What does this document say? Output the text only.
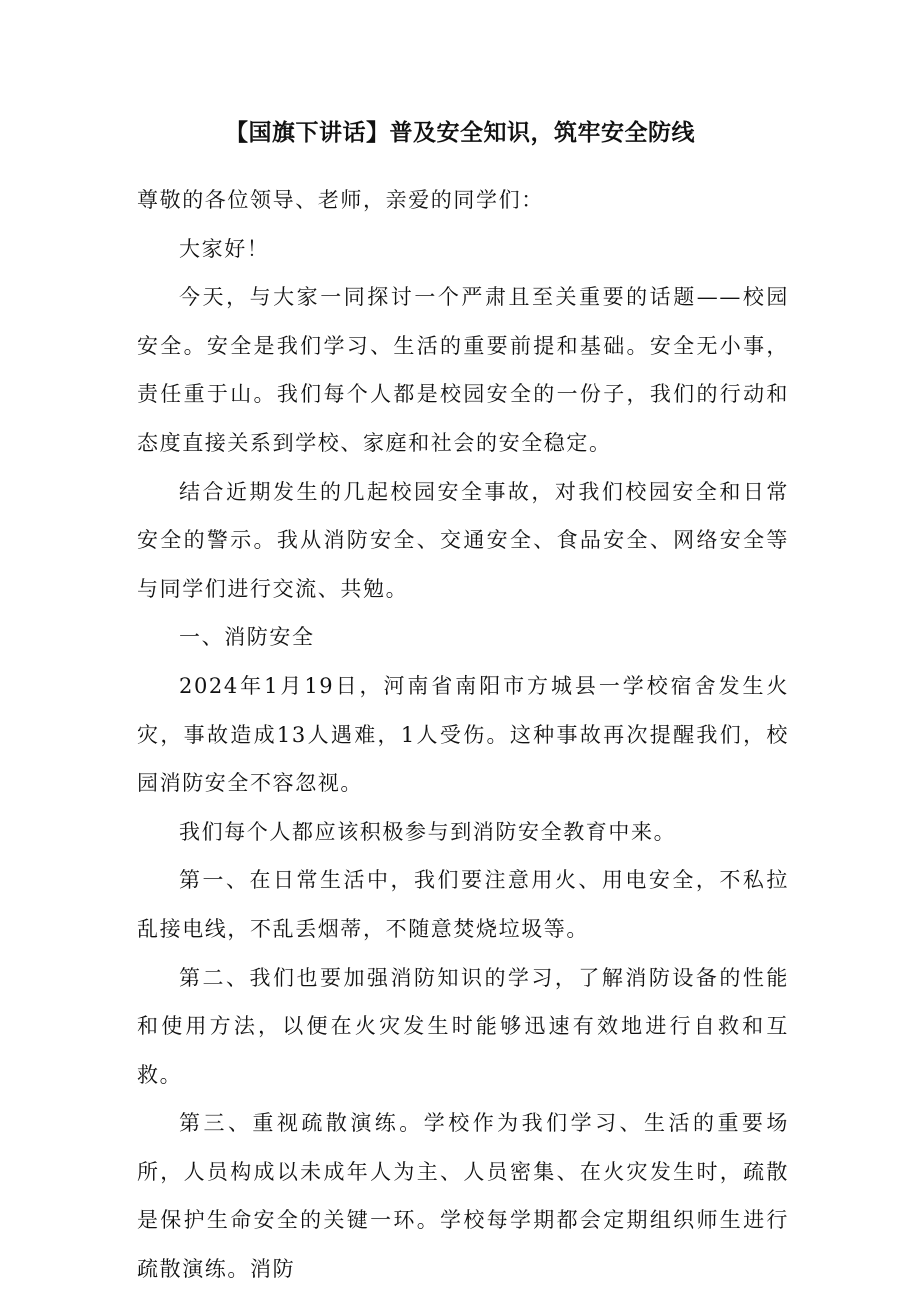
【国旗下讲话】普及安全知识，筑牢安全防线

尊敬的各位领导、老师，亲爱的同学们：

大家好！

今天，与大家一同探讨一个严肃且至关重要的话题——校园安全。安全是我们学习、生活的重要前提和基础。安全无小事，责任重于山。我们每个人都是校园安全的一份子，我们的行动和态度直接关系到学校、家庭和社会的安全稳定。

结合近期发生的几起校园安全事故，对我们校园安全和日常安全的警示。我从消防安全、交通安全、食品安全、网络安全等与同学们进行交流、共勉。

一、消防安全

2024年1月19日，河南省南阳市方城县一学校宿舍发生火灾，事故造成13人遇难，1人受伤。这种事故再次提醒我们，校园消防安全不容忽视。

我们每个人都应该积极参与到消防安全教育中来。

第一、在日常生活中，我们要注意用火、用电安全，不私拉乱接电线，不乱丢烟蒂，不随意焚烧垃圾等。

第二、我们也要加强消防知识的学习，了解消防设备的性能和使用方法，以便在火灾发生时能够迅速有效地进行自救和互救。

第三、重视疏散演练。学校作为我们学习、生活的重要场所，人员构成以未成年人为主、人员密集、在火灾发生时，疏散是保护生命安全的关键一环。学校每学期都会定期组织师生进行疏散演练。消防
